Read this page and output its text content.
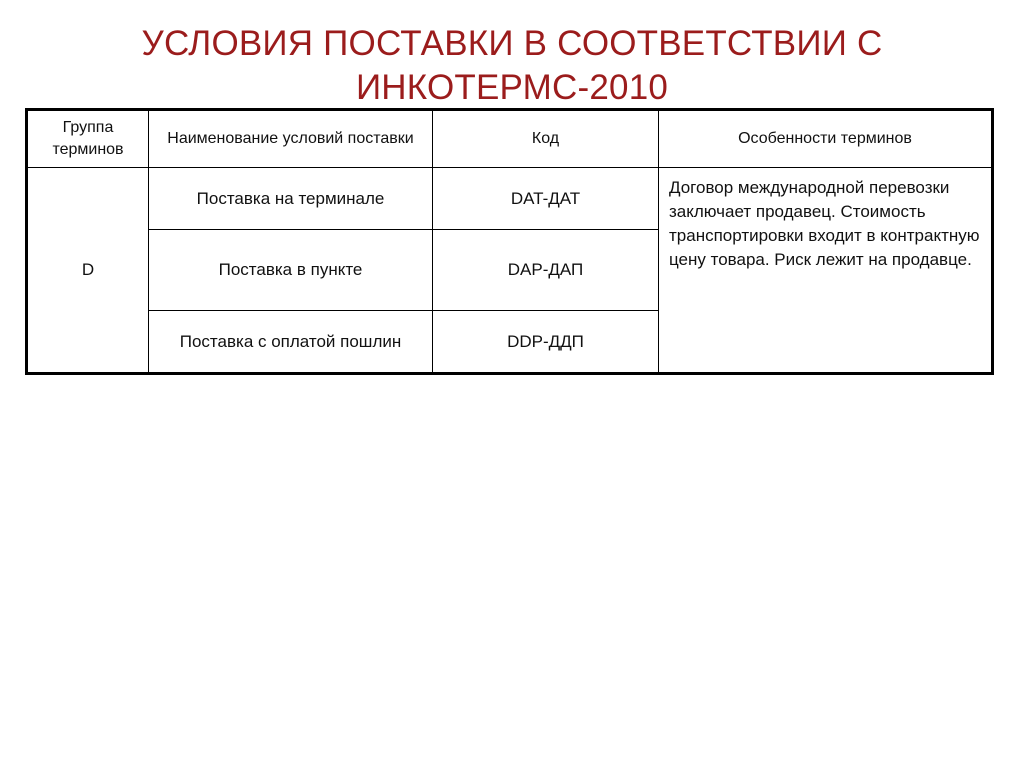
УСЛОВИЯ ПОСТАВКИ В СООТВЕТСТВИИ С
ИНКОТЕРМС-2010
Группа терминов	Наименование условий поставки	Код	Особенности терминов
D	Поставка на терминале	DAT-ДАТ	Договор международной перевозки заключает продавец. Стоимость транспортировки входит в контрактную цену товара. Риск лежит на продавце.
	Поставка в пункте	DAP-ДАП	
	Поставка с оплатой пошлин	DDP-ДДП	
